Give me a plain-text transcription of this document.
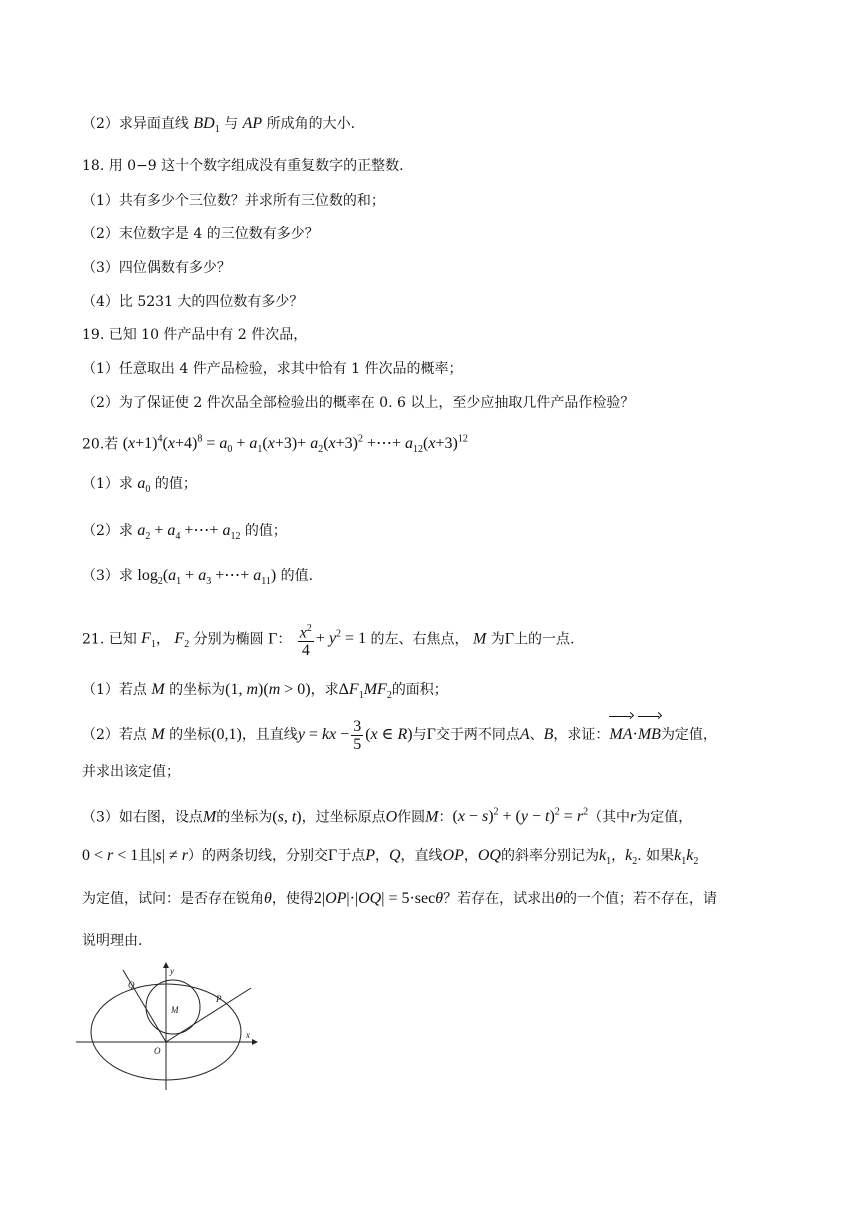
（2）求异面直线 $BD_1$ 与 AP 所成角的大小.
18. 用 0−9 这十个数字组成没有重复数字的正整数.
（1）共有多少个三位数？并求所有三位数的和；
（2）末位数字是 4 的三位数有多少？
（3）四位偶数有多少？
（4）比 5231 大的四位数有多少？
19. 已知 10 件产品中有 2 件次品，
（1）任意取出 4 件产品检验，求其中恰有 1 件次品的概率；
（2）为了保证使 2 件次品全部检验出的概率在 0. 6 以上，至少应抽取几件产品作检验？
20.若 $(x+1)^4(x+4)^8 = a_0 + a_1(x+3)+ a_2(x+3)^2$ +⋯+ $a_{12}(x+3)^{12}$
（1）求 $a_0$ 的值；
（2）求 $a_2 + a_4$ +⋯+ $a_{12}$ 的值；
（3）求 $\log_2(a_1 + a_3$ +⋯+ $a_{11}$) 的值.
21. 已知 $F_1$， $F_2$ 分别为椭圆 Γ： $\frac{x^2}{4} + y^2 = 1$ 的左、右焦点， M 为Γ上的一点.
（1）若点 M 的坐标为(1, m)(m > 0)，求$\Delta F_1MF_2$的面积；
（2）若点 M 的坐标(0,1)，且直线y = kx − $\frac{3}{5} (x$ ∈ R)与Γ交于两不同点A、B，求证：MA·MB为定值，
并求出该定值；
（3）如右图，设点M的坐标为(s, t)，过坐标原点O作圆M：$(x - s)^2 + (y - t)^2 = r^2$（其中r为定值，
0 < r < 1且|s| ≠ r）的两条切线，分别交Γ于点P，Q，直线OP，OQ的斜率分别记为$k_1$，$k_2$. 如果$k_1k_2$
为定值，试问：是否存在锐角θ，使得2|OP|·|OQ| = 5·secθ？若存在，试求出θ的一个值；若不存在，请
说明理由.
y
x
O
M
Q
P
